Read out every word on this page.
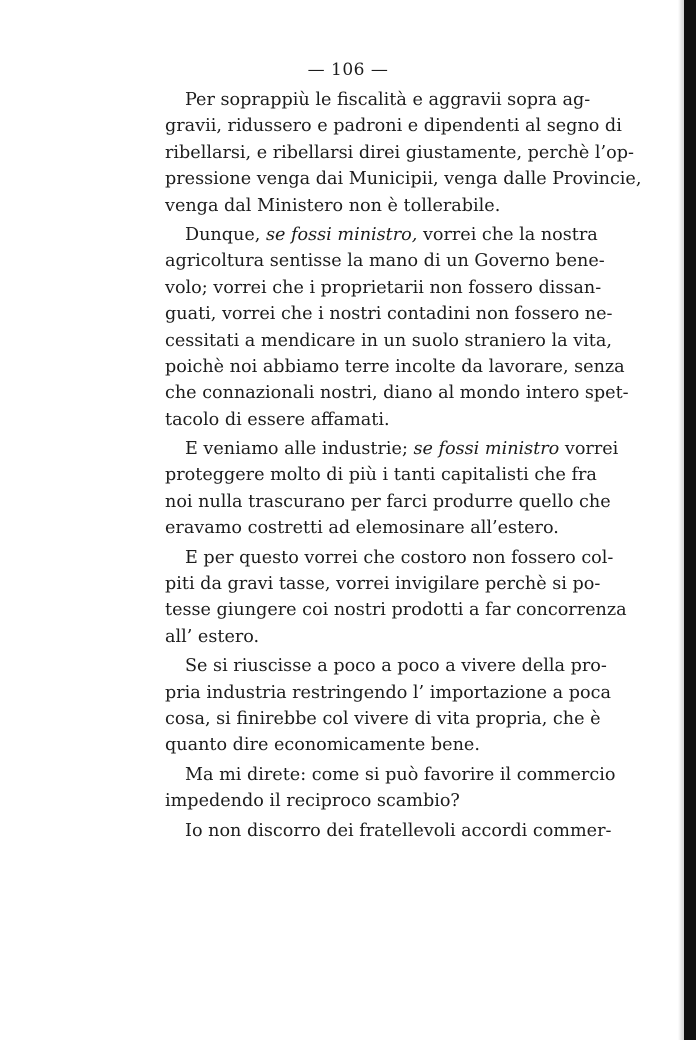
— 106 —
Per soprappiù le fiscalità e aggravii sopra ag-
gravii, ridussero e padroni e dipendenti al segno di
ribellarsi, e ribellarsi direi giustamente, perchè l’op-
pressione venga dai Municipii, venga dalle Provincie,
venga dal Ministero non è tollerabile.
Dunque, se fossi ministro, vorrei che la nostra
agricoltura sentisse la mano di un Governo bene-
volo; vorrei che i proprietarii non fossero dissan-
guati, vorrei che i nostri contadini non fossero ne-
cessitati a mendicare in un suolo straniero la vita,
poichè noi abbiamo terre incolte da lavorare, senza
che connazionali nostri, diano al mondo intero spet-
tacolo di essere affamati.
E veniamo alle industrie; se fossi ministro vorrei
proteggere molto di più i tanti capitalisti che fra
noi nulla trascurano per farci produrre quello che
eravamo costretti ad elemosinare all’estero.
E per questo vorrei che costoro non fossero col-
piti da gravi tasse, vorrei invigilare perchè si po-
tesse giungere coi nostri prodotti a far concorrenza
all’ estero.
Se si riuscisse a poco a poco a vivere della pro-
pria industria restringendo l’ importazione a poca
cosa, si finirebbe col vivere di vita propria, che è
quanto dire economicamente bene.
Ma mi direte: come si può favorire il commercio
impedendo il reciproco scambio?
Io non discorro dei fratellevoli accordi commer-
